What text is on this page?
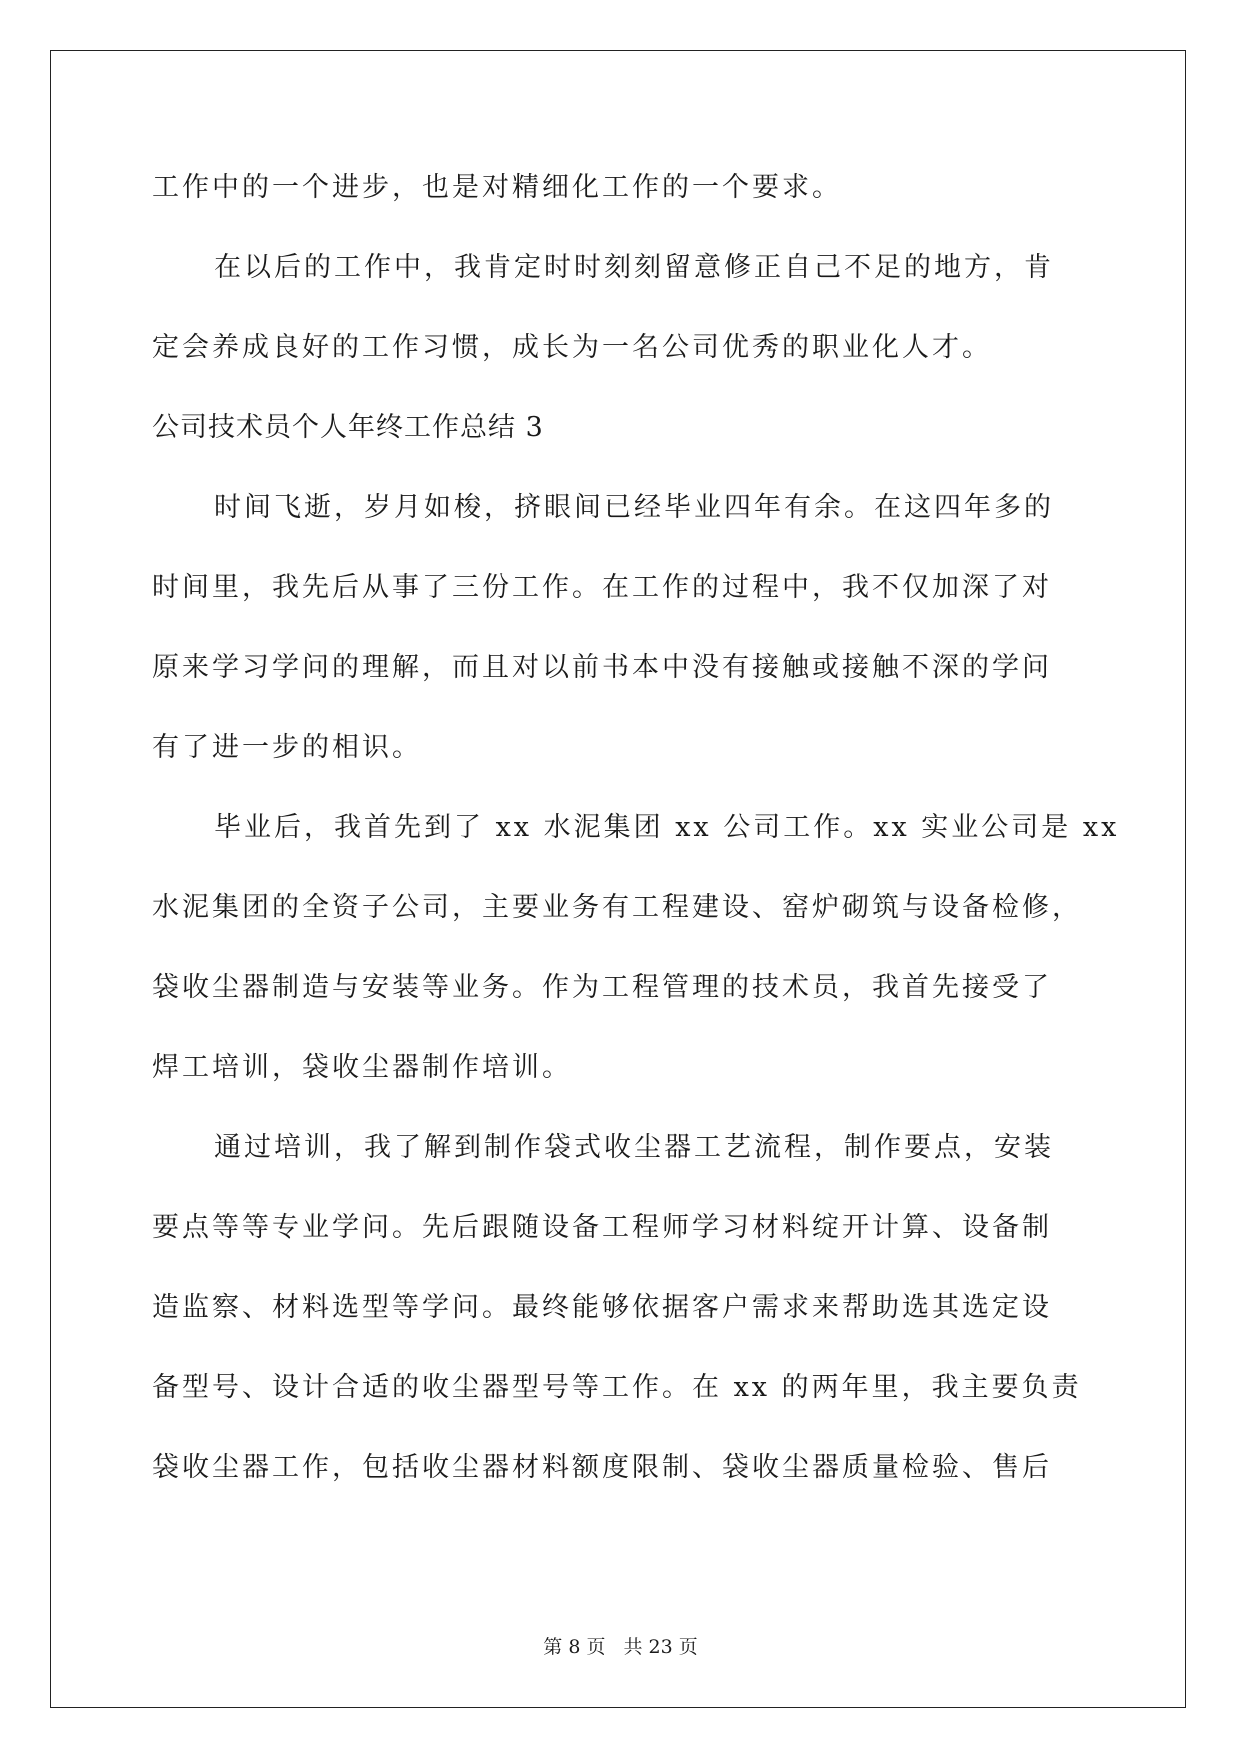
工作中的一个进步，也是对精细化工作的一个要求。
在以后的工作中，我肯定时时刻刻留意修正自己不足的地方，肯
定会养成良好的工作习惯，成长为一名公司优秀的职业化人才。
公司技术员个人年终工作总结 3
时间飞逝，岁月如梭，挤眼间已经毕业四年有余。在这四年多的
时间里，我先后从事了三份工作。在工作的过程中，我不仅加深了对
原来学习学问的理解，而且对以前书本中没有接触或接触不深的学问
有了进一步的相识。
毕业后，我首先到了 xx 水泥集团 xx 公司工作。xx 实业公司是 xx
水泥集团的全资子公司，主要业务有工程建设、窑炉砌筑与设备检修，
袋收尘器制造与安装等业务。作为工程管理的技术员，我首先接受了
焊工培训，袋收尘器制作培训。
通过培训，我了解到制作袋式收尘器工艺流程，制作要点，安装
要点等等专业学问。先后跟随设备工程师学习材料绽开计算、设备制
造监察、材料选型等学问。最终能够依据客户需求来帮助选其选定设
备型号、设计合适的收尘器型号等工作。在 xx 的两年里，我主要负责
袋收尘器工作，包括收尘器材料额度限制、袋收尘器质量检验、售后
第 8 页 共 23 页
